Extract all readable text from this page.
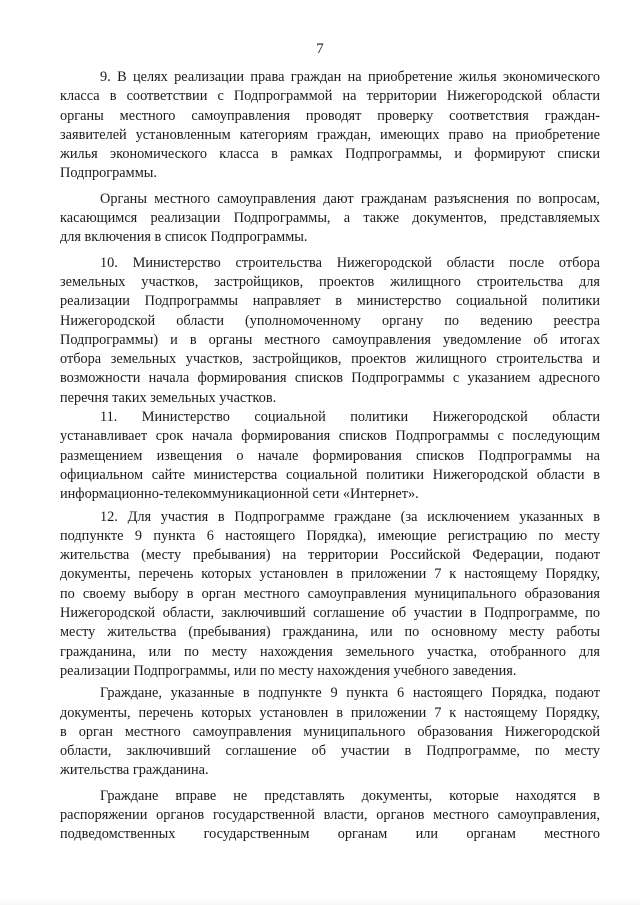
7
9. В целях реализации права граждан на приобретение жилья экономического
класса в соответствии с Подпрограммой на территории Нижегородской области
органы местного самоуправления проводят проверку соответствия граждан-
заявителей установленным категориям граждан, имеющих право на приобретение
жилья экономического класса в рамках Подпрограммы, и формируют списки
Подпрограммы.
Органы местного самоуправления дают гражданам разъяснения по вопросам,
касающимся реализации Подпрограммы, а также документов, представляемых
для включения в список Подпрограммы.
10. Министерство строительства Нижегородской области после отбора
земельных участков, застройщиков, проектов жилищного строительства для
реализации Подпрограммы направляет в министерство социальной политики
Нижегородской области (уполномоченному органу по ведению реестра
Подпрограммы) и в органы местного самоуправления уведомление об итогах
отбора земельных участков, застройщиков, проектов жилищного строительства и
возможности начала формирования списков Подпрограммы с указанием адресного
перечня таких земельных участков.
11. Министерство социальной политики Нижегородской области
устанавливает срок начала формирования списков Подпрограммы с последующим
размещением извещения о начале формирования списков Подпрограммы на
официальном сайте министерства социальной политики Нижегородской области в
информационно-телекоммуникационной сети «Интернет».
12. Для участия в Подпрограмме граждане (за исключением указанных в
подпункте 9 пункта 6 настоящего Порядка), имеющие регистрацию по месту
жительства (месту пребывания) на территории Российской Федерации, подают
документы, перечень которых установлен в приложении 7 к настоящему Порядку,
по своему выбору в орган местного самоуправления муниципального образования
Нижегородской области, заключивший соглашение об участии в Подпрограмме, по
месту жительства (пребывания) гражданина, или по основному месту работы
гражданина, или по месту нахождения земельного участка, отобранного для
реализации Подпрограммы, или по месту нахождения учебного заведения.
Граждане, указанные в подпункте 9 пункта 6 настоящего Порядка, подают
документы, перечень которых установлен в приложении 7 к настоящему Порядку,
в орган местного самоуправления муниципального образования Нижегородской
области, заключивший соглашение об участии в Подпрограмме, по месту
жительства гражданина.
Граждане вправе не представлять документы, которые находятся в
распоряжении органов государственной власти, органов местного самоуправления,
подведомственных государственным органам или органам местного
